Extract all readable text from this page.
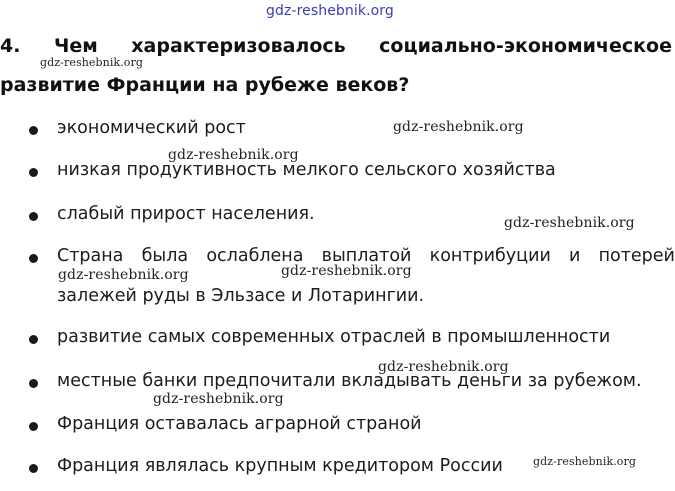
gdz-reshebnik.org
4. Чем характеризовалось социально-экономическое
gdz-reshebnik.org
развитие Франции на рубеже веков?
экономический рост	gdz-reshebnik.org
gdz-reshebnik.org
низкая продуктивность мелкого сельского хозяйства
слабый прирост населения.	gdz-reshebnik.org
Страна была ослаблена выплатой контрибуции и потерей
залежей руды в Эльзасе и Лотарингии.
gdz-reshebnik.org	gdz-reshebnik.org
развитие самых современных отраслей в промышленности
gdz-reshebnik.org
местные банки предпочитали вкладывать деньги за рубежом.
gdz-reshebnik.org
Франция оставалась аграрной страной
Франция являлась крупным кредитором России	gdz-reshebnik.org
